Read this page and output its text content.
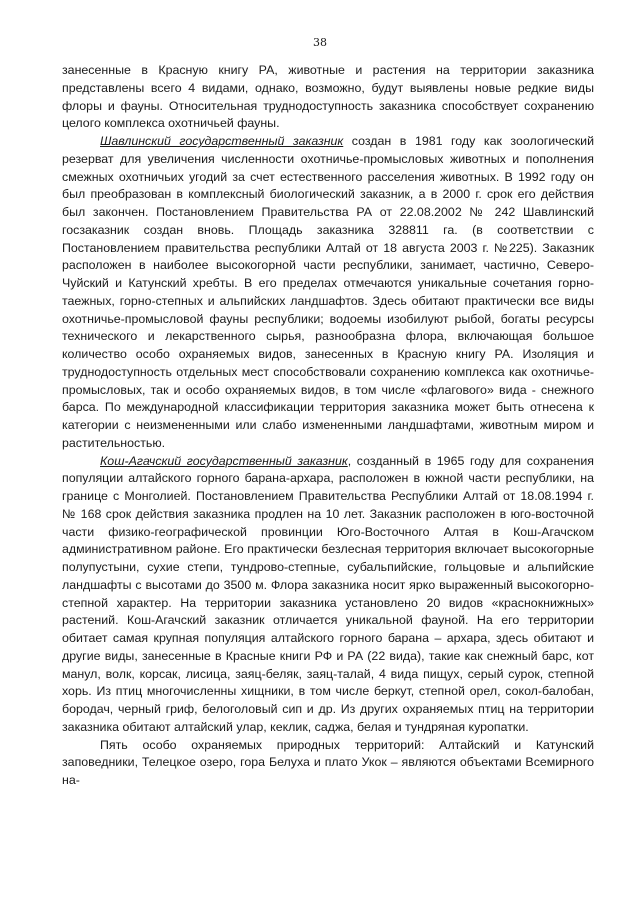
38

занесенные в Красную книгу РА, животные и растения на территории заказника представлены всего 4 видами, однако, возможно, будут выявлены новые редкие виды флоры и фауны. Относительная труднодоступность заказника способствует сохранению целого комплекса охотничьей фауны.

Шавлинский государственный заказник создан в 1981 году как зоологический резерват для увеличения численности охотничье-промысловых животных и пополнения смежных охотничьих угодий за счет естественного расселения животных. В 1992 году он был преобразован в комплексный биологический заказник, а в 2000 г. срок его действия был закончен. Постановлением Правительства РА от 22.08.2002 № 242 Шавлинский госзаказник создан вновь. Площадь заказника 328811 га. (в соответствии с Постановлением правительства республики Алтай от 18 августа 2003 г. №225). Заказник расположен в наиболее высокогорной части республики, занимает, частично, Северо-Чуйский и Катунский хребты. В его пределах отмечаются уникальные сочетания горно-таежных, горно-степных и альпийских ландшафтов. Здесь обитают практически все виды охотничье-промысловой фауны республики; водоемы изобилуют рыбой, богаты ресурсы технического и лекарственного сырья, разнообразна флора, включающая большое количество особо охраняемых видов, занесенных в Красную книгу РА. Изоляция и труднодоступность отдельных мест способствовали сохранению комплекса как охотничье-промысловых, так и особо охраняемых видов, в том числе «флагового» вида - снежного барса. По международной классификации территория заказника может быть отнесена к категории с неизмененными или слабо измененными ландшафтами, животным миром и растительностью.

Кош-Агачский государственный заказник, созданный в 1965 году для сохранения популяции алтайского горного барана-архара, расположен в южной части республики, на границе с Монголией. Постановлением Правительства Республики Алтай от 18.08.1994 г. № 168 срок действия заказника продлен на 10 лет. Заказник расположен в юго-восточной части физико-географической провинции Юго-Восточного Алтая в Кош-Агачском административном районе. Его практически безлесная территория включает высокогорные полупустыни, сухие степи, тундрово-степные, субальпийские, гольцовые и альпийские ландшафты с высотами до 3500 м. Флора заказника носит ярко выраженный высокогорно-степной характер. На территории заказника установлено 20 видов «краснокнижных» растений. Кош-Агачский заказник отличается уникальной фауной. На его территории обитает самая крупная популяция алтайского горного барана – архара, здесь обитают и другие виды, занесенные в Красные книги РФ и РА (22 вида), такие как снежный барс, кот манул, волк, корсак, лисица, заяц-беляк, заяц-талай, 4 вида пищух, серый сурок, степной хорь. Из птиц многочисленны хищники, в том числе беркут, степной орел, сокол-балобан, бородач, черный гриф, белоголовый сип и др. Из других охраняемых птиц на территории заказника обитают алтайский улар, кеклик, саджа, белая и тундряная куропатки.

Пять особо охраняемых природных территорий: Алтайский и Катунский заповедники, Телецкое озеро, гора Белуха и плато Укок – являются объектами Всемирного на-
